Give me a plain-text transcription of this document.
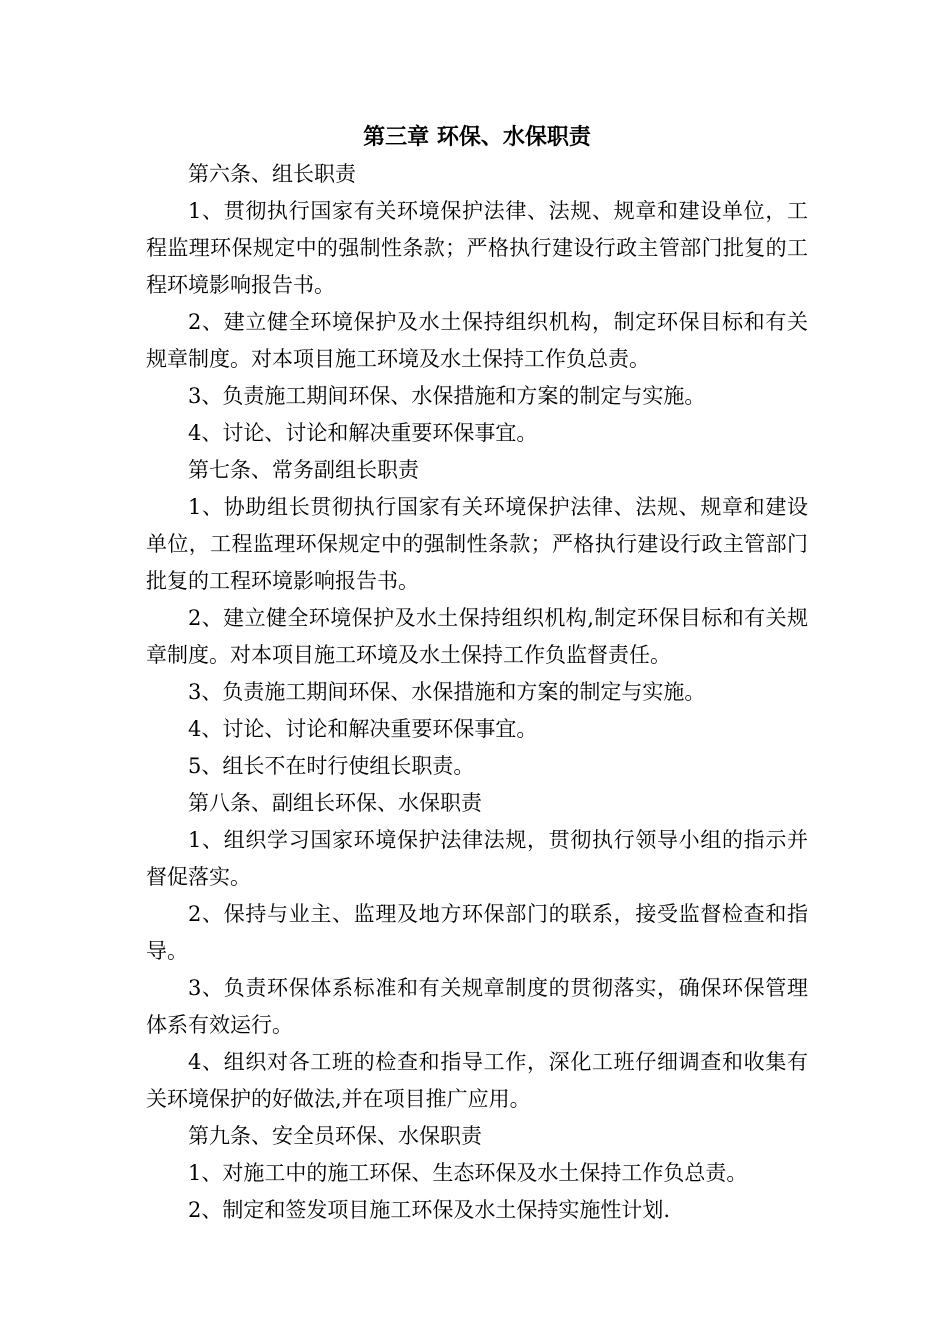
第三章 环保、水保职责

第六条、组长职责

1、贯彻执行国家有关环境保护法律、法规、规章和建设单位，工程监理环保规定中的强制性条款；严格执行建设行政主管部门批复的工程环境影响报告书。

2、建立健全环境保护及水土保持组织机构，制定环保目标和有关规章制度。对本项目施工环境及水土保持工作负总责。

3、负责施工期间环保、水保措施和方案的制定与实施。

4、讨论、讨论和解决重要环保事宜。

第七条、常务副组长职责

1、协助组长贯彻执行国家有关环境保护法律、法规、规章和建设单位，工程监理环保规定中的强制性条款；严格执行建设行政主管部门批复的工程环境影响报告书。

2、建立健全环境保护及水土保持组织机构,制定环保目标和有关规章制度。对本项目施工环境及水土保持工作负监督责任。

3、负责施工期间环保、水保措施和方案的制定与实施。

4、讨论、讨论和解决重要环保事宜。

5、组长不在时行使组长职责。

第八条、副组长环保、水保职责

1、组织学习国家环境保护法律法规，贯彻执行领导小组的指示并督促落实。

2、保持与业主、监理及地方环保部门的联系，接受监督检查和指导。

3、负责环保体系标准和有关规章制度的贯彻落实，确保环保管理体系有效运行。

4、组织对各工班的检查和指导工作，深化工班仔细调查和收集有关环境保护的好做法,并在项目推广应用。

第九条、安全员环保、水保职责

1、对施工中的施工环保、生态环保及水土保持工作负总责。

2、制定和签发项目施工环保及水土保持实施性计划.
